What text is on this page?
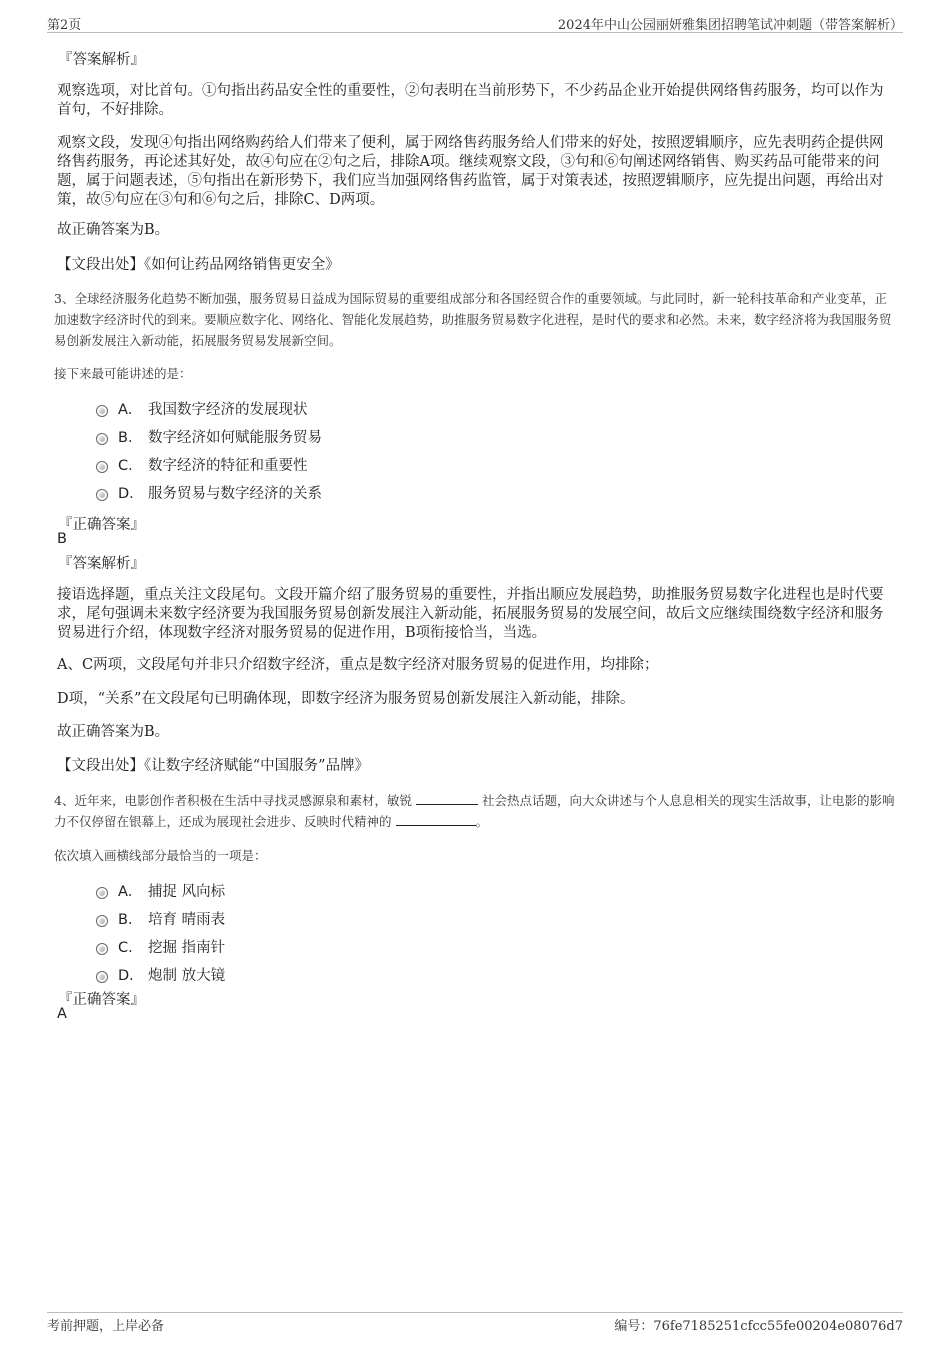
第2页	2024年中山公园丽妍雅集团招聘笔试冲刺题（带答案解析）
『答案解析』
观察选项，对比首句。①句指出药品安全性的重要性，②句表明在当前形势下，不少药品企业开始提供网络售药服务，均可以作为首句，不好排除。
观察文段，发现④句指出网络购药给人们带来了便利，属于网络售药服务给人们带来的好处，按照逻辑顺序，应先表明药企提供网络售药服务，再论述其好处，故④句应在②句之后，排除A项。继续观察文段，③句和⑥句阐述网络销售、购买药品可能带来的问题，属于问题表述，⑤句指出在新形势下，我们应当加强网络售药监管，属于对策表述，按照逻辑顺序，应先提出问题，再给出对策，故⑤句应在③句和⑥句之后，排除C、D两项。
故正确答案为B。
【文段出处】《如何让药品网络销售更安全》
3、全球经济服务化趋势不断加强，服务贸易日益成为国际贸易的重要组成部分和各国经贸合作的重要领域。与此同时，新一轮科技革命和产业变革，正加速数字经济时代的到来。要顺应数字化、网络化、智能化发展趋势，助推服务贸易数字化进程，是时代的要求和必然。未来，数字经济将为我国服务贸易创新发展注入新动能，拓展服务贸易发展新空间。
接下来最可能讲述的是：
A． 我国数字经济的发展现状
B． 数字经济如何赋能服务贸易
C． 数字经济的特征和重要性
D． 服务贸易与数字经济的关系
『正确答案』
B
『答案解析』
接语选择题，重点关注文段尾句。文段开篇介绍了服务贸易的重要性，并指出顺应发展趋势，助推服务贸易数字化进程也是时代要求，尾句强调未来数字经济要为我国服务贸易创新发展注入新动能，拓展服务贸易的发展空间，故后文应继续围绕数字经济和服务贸易进行介绍，体现数字经济对服务贸易的促进作用，B项衔接恰当，当选。
A、C两项，文段尾句并非只介绍数字经济，重点是数字经济对服务贸易的促进作用，均排除；
D项，“关系”在文段尾句已明确体现，即数字经济为服务贸易创新发展注入新动能，排除。
故正确答案为B。
【文段出处】《让数字经济赋能“中国服务”品牌》
4、近年来，电影创作者积极在生活中寻找灵感源泉和素材，敏锐	社会热点话题，向大众讲述与个人息息相关的现实生活故事，让电影的影响力不仅停留在银幕上，还成为展现社会进步、反映时代精神的	。
依次填入画横线部分最恰当的一项是：
A． 捕捉 风向标
B． 培育 晴雨表
C． 挖掘 指南针
D． 炮制 放大镜
『正确答案』
A
考前押题，上岸必备	编号：76fe7185251cfcc55fe00204e08076d7
